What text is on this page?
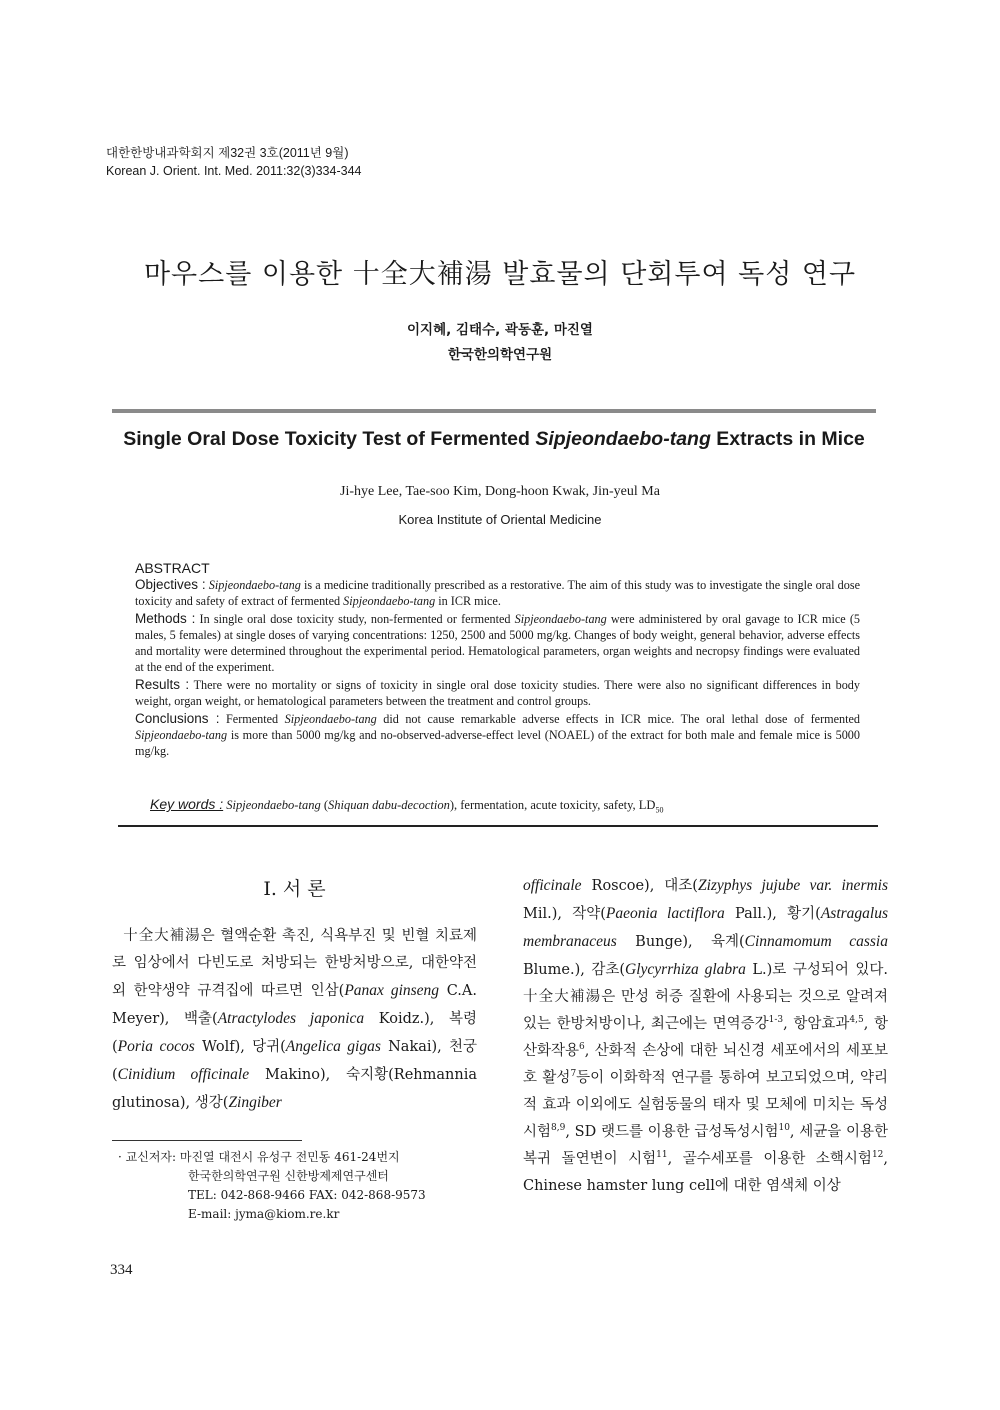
대한한방내과학회지 제32권 3호(2011년 9월)
Korean J. Orient. Int. Med. 2011:32(3)334-344
마우스를 이용한 十全大補湯 발효물의 단회투여 독성 연구
이지혜, 김태수, 곽동훈, 마진열
한국한의학연구원
Single Oral Dose Toxicity Test of Fermented Sipjeondaebo-tang Extracts in Mice
Ji-hye Lee, Tae-soo Kim, Dong-hoon Kwak, Jin-yeul Ma
Korea Institute of Oriental Medicine
ABSTRACT

Objectives : Sipjeondaebo-tang is a medicine traditionally prescribed as a restorative. The aim of this study was to investigate the single oral dose toxicity and safety of extract of fermented Sipjeondaebo-tang in ICR mice.

Methods : In single oral dose toxicity study, non-fermented or fermented Sipjeondaebo-tang were administered by oral gavage to ICR mice (5 males, 5 females) at single doses of varying concentrations: 1250, 2500 and 5000 mg/kg. Changes of body weight, general behavior, adverse effects and mortality were determined throughout the experimental period. Hematological parameters, organ weights and necropsy findings were evaluated at the end of the experiment.

Results : There were no mortality or signs of toxicity in single oral dose toxicity studies. There were also no significant differences in body weight, organ weight, or hematological parameters between the treatment and control groups.

Conclusions : Fermented Sipjeondaebo-tang did not cause remarkable adverse effects in ICR mice. The oral lethal dose of fermented Sipjeondaebo-tang is more than 5000 mg/kg and no-observed-adverse-effect level (NOAEL) of the extract for both male and female mice is 5000 mg/kg.

Key words : Sipjeondaebo-tang (Shiquan dabu-decoction), fermentation, acute toxicity, safety, $LD_{50}$
Ⅰ. 서 론

十全大補湯은 혈액순환 촉진, 식욕부진 및 빈혈 치료제로 임상에서 다빈도로 처방되는 한방처방으로, 대한약전 외 한약생약 규격집에 따르면 인삼(Panax ginseng C.A. Meyer), 백출(Atractylodes japonica Koidz.), 복령(Poria cocos Wolf), 당귀(Angelica gigas Nakai), 천궁(Cinidium officinale Makino), 숙지황(Rehmannia glutinosa), 생강(Zingiber

officinale Roscoe), 대조(Zizyphys jujube var. inermis Mil.), 작약(Paeonia lactiflora Pall.), 황기(Astragalus membranaceus Bunge), 육계(Cinnamomum cassia Blume.), 감초(Glycyrrhiza glabra L.)로 구성되어 있다. 十全大補湯은 만성 허증 질환에 사용되는 것으로 알려져 있는 한방처방이나, 최근에는 면역증강$^{1-3}$, 항암효과$^{4,5}$, 항산화작용$^6$, 산화적 손상에 대한 뇌신경 세포에서의 세포보호 활성$^7$등이 이화학적 연구를 통하여 보고되었으며, 약리적 효과 이외에도 실험동물의 태자 및 모체에 미치는 독성시험$^{8,9}$, SD 랫드를 이용한 급성독성시험$^{10}$, 세균을 이용한 복귀 돌연변이 시험$^{11}$, 골수세포를 이용한 소핵시험$^{12}$, Chinese hamster lung cell에 대한 염색체 이상

· 교신저자: 마진열 대전시 유성구 전민동 461-24번지
한국한의학연구원 신한방제제연구센터
TEL: 042-868-9466 FAX: 042-868-9573
E-mail: jyma@kiom.re.kr
334
